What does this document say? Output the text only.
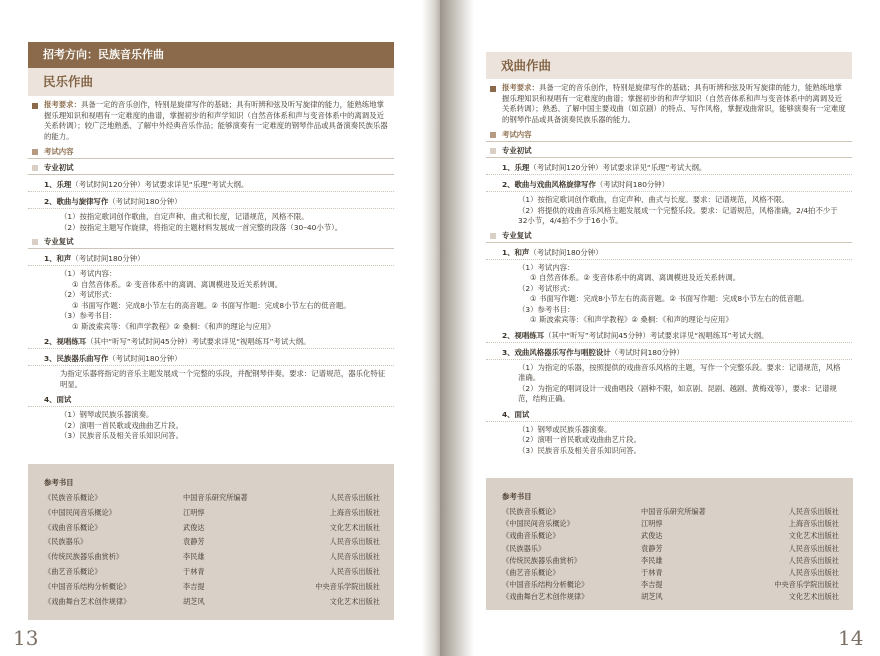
招考方向：民族音乐作曲
民乐作曲
报考要求：具备一定的音乐创作，特别是旋律写作的基础；具有听辨和弦及听写旋律的能力，能熟练地掌握乐理知识和视唱有一定难度的曲谱，掌握初步的和声学知识（自然音体系和声与变音体系中的离调及近关系转调）；较广泛地熟悉、了解中外经典音乐作品；能够演奏有一定难度的钢琴作品或具备演奏民族乐器的能力。
考试内容
专业初试
1、乐理（考试时间120分钟）考试要求详见“乐理”考试大纲。
2、歌曲与旋律写作（考试时间180分钟）
（1）按指定歌词创作歌曲，自定声种、曲式和长度，记谱规范，风格不限。
（2）按指定主题写作旋律，将指定的主题材料发展成一首完整的段落（30–40小节）。
专业复试
1、和声（考试时间180分钟）
（1）考试内容：
① 自然音体系。② 变音体系中的离调、离调模进及近关系转调。
（2）考试形式：
① 书面写作题：完成8小节左右的高音题。② 书面写作题：完成8小节左右的低音题。
（3）参考书目：
① 斯波索宾等：《和声学教程》② 桑桐：《和声的理论与应用》
2、视唱练耳（其中“听写”考试时间45分钟）考试要求详见“视唱练耳”考试大纲。
3、民族器乐曲写作（考试时间180分钟）
为指定乐器将指定的音乐主题发展成一个完整的乐段，并配钢琴伴奏。要求：记谱规范，器乐化特征明显。
4、面试
（1）钢琴或民族乐器演奏。
（2）演唱一首民歌或戏曲曲艺片段。
（3）民族音乐及相关音乐知识问答。
参考书目
《民族音乐概论》	中国音乐研究所编著	人民音乐出版社
《中国民间音乐概论》	江明惇	上海音乐出版社
《戏曲音乐概论》	武俊达	文化艺术出版社
《民族器乐》	袁静芳	人民音乐出版社
《传统民族器乐曲赏析》	李民雄	人民音乐出版社
《曲艺音乐概论》	于林青	人民音乐出版社
《中国音乐结构分析概论》	李吉提	中央音乐学院出版社
《戏曲舞台艺术创作规律》	胡芝风	文化艺术出版社
13
戏曲作曲
报考要求：具备一定的音乐创作，特别是旋律写作的基础；具有听辨和弦及听写旋律的能力，能熟练地掌握乐理知识和视唱有一定难度的曲谱；掌握初步的和声学知识（自然音体系和声与变音体系中的离调及近关系转调）；熟悉、了解中国主要戏曲（如京剧）的特点、写作风格，掌握戏曲常识，能够演奏有一定难度的钢琴作品或具备演奏民族乐器的能力。
考试内容
专业初试
1、乐理（考试时间120分钟）考试要求详见“乐理”考试大纲。
2、歌曲与戏曲风格旋律写作（考试时间180分钟）
（1）按指定歌词创作歌曲，自定声种、曲式与长度。要求：记谱规范，风格不限。
（2）将提供的戏曲音乐风格主题发展成一个完整乐段。要求：记谱规范，风格准确，2/4拍不少于32小节，4/4拍不少于16小节。
专业复试
1、和声（考试时间180分钟）
（1）考试内容：
① 自然音体系。② 变音体系中的离调、离调模进及近关系转调。
（2）考试形式：
① 书面写作题：完成8小节左右的高音题。② 书面写作题：完成8小节左右的低音题。
（3）参考书目：
① 斯波索宾等：《和声学教程》② 桑桐：《和声的理论与应用》
2、视唱练耳（其中“听写”考试时间45分钟）考试要求详见“视唱练耳”考试大纲。
3、戏曲风格器乐写作与唱腔设计（考试时间180分钟）
（1）为指定的乐器，按照提供的戏曲音乐风格的主题，写作一个完整乐段。要求：记谱规范，风格准确。
（2）为指定的唱词设计一戏曲唱段（剧种不限，如京剧、昆剧、越剧、黄梅戏等），要求：记谱规范，结构正确。
4、面试
（1）钢琴或民族乐器演奏。
（2）演唱一首民歌或戏曲曲艺片段。
（3）民族音乐及相关音乐知识问答。
14
参考书目
《民族音乐概论》	中国音乐研究所编著	人民音乐出版社
《中国民间音乐概论》	江明惇	上海音乐出版社
《戏曲音乐概论》	武俊达	文化艺术出版社
《民族器乐》	袁静芳	人民音乐出版社
《传统民族器乐曲赏析》	李民雄	人民音乐出版社
《曲艺音乐概论》	于林青	人民音乐出版社
《中国音乐结构分析概论》	李吉提	中央音乐学院出版社
《戏曲舞台艺术创作规律》	胡芝风	文化艺术出版社
